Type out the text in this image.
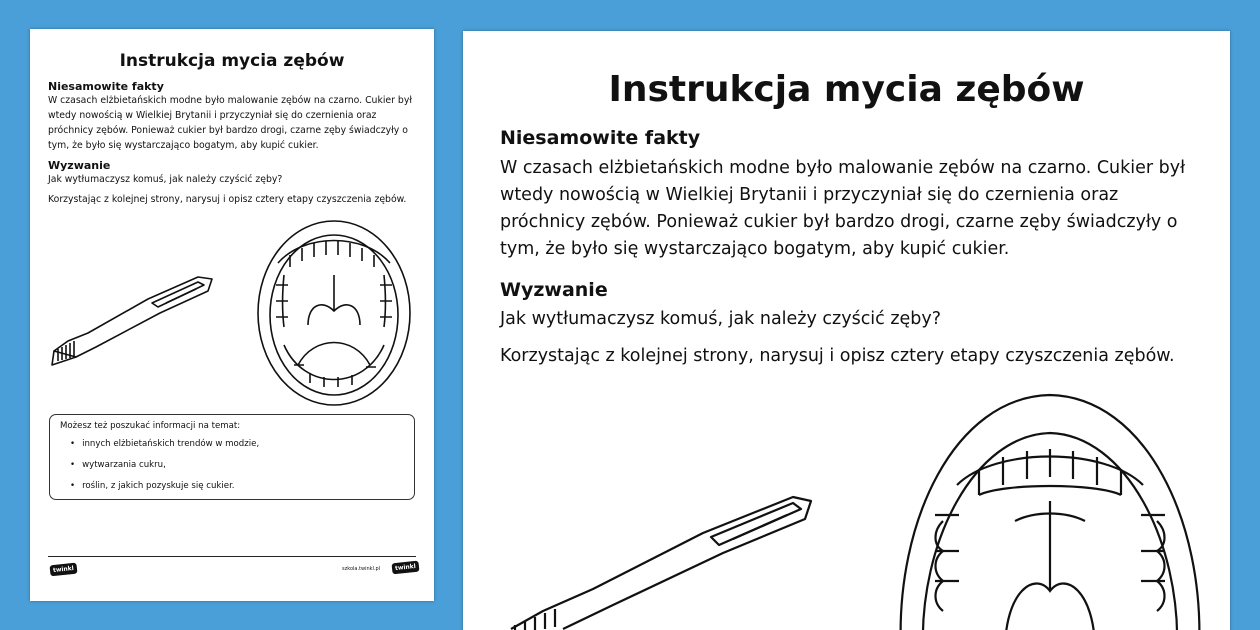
Instrukcja mycia zębów
Niesamowite fakty
W czasach elżbietańskich modne było malowanie zębów na czarno. Cukier był wtedy nowością w Wielkiej Brytanii i przyczyniał się do czernienia oraz próchnicy zębów. Ponieważ cukier był bardzo drogi, czarne zęby świadczyły o tym, że było się wystarczająco bogatym, aby kupić cukier.
Wyzwanie
Jak wytłumaczysz komuś, jak należy czyścić zęby?
Korzystając z kolejnej strony, narysuj i opisz cztery etapy czyszczenia zębów.
Możesz też poszukać informacji na temat:
• innych elżbietańskich trendów w modzie,
• wytwarzania cukru,
• roślin, z jakich pozyskuje się cukier.
twinkl	szkola.twinkl.pl	twinkl
Instrukcja mycia zębów
Niesamowite fakty
W czasach elżbietańskich modne było malowanie zębów na czarno. Cukier był wtedy nowością w Wielkiej Brytanii i przyczyniał się do czernienia oraz próchnicy zębów. Ponieważ cukier był bardzo drogi, czarne zęby świadczyły o tym, że było się wystarczająco bogatym, aby kupić cukier.
Wyzwanie
Jak wytłumaczysz komuś, jak należy czyścić zęby?
Korzystając z kolejnej strony, narysuj i opisz cztery etapy czyszczenia zębów.
